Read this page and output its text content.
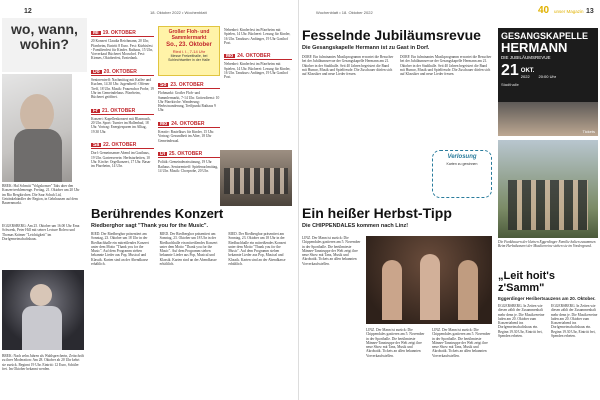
12	18. Oktober 2022 • Wochenblatt
wo, wann, wohin?

BREK: Hal Schmitt "Volgskonser" Taks uber den Konzertverklemenge. Freitag, 21. Oktober um 20 Uhr im Rio Bergkirchen. Die Saar Schuh Ltd, Getränkehändler der Region, in Gelnhausen auf dem Bauernmarkt.

EGGERSBERG: Am 25. Oktober um 16.00 Uhr Erna Schwenk, Peter Hill mit seiner Lecture Bolero und Thomas Krämer "Leichtigkeit" im Dorfgemeinschaftshaus.

BREK: Nach zehn Jahren als Wahlsprecherin, Zeitschrift zu ihrer Moderation: Am 28. Oktober ab 20 Uhr kehrt sie zurück. Beginnt 19 Uhr. Eintritt: 12 Euro, Schüler frei. Im Oktober bekannt werden.

Mi 19. OKTOBER

20 Konzert Claudia Reichmann, 20 Uhr, Pfarrheim, Eintritt 8 Euro. Fest: Kürbisfest - Familienfest für Kinder. Rathaus, 15 Uhr, Vorverkauf Bücherei Moosdorf. Fest: Kirmes, Oktoberfest, Erntedank.

Do 20. OKTOBER

Seniorentreff: Nachmittag mit Kaffee und Kuchen, 14.30 Uhr. Jugendtreff: Offener Treff, 18 Uhr. Musik: Frauenchor Probe, 19 Uhr im Gemeindehaus. Pfarrheim, Bücherei geöffnet.

Fr 21. OKTOBER

Konzert: Kapellenkonzert mit Blasmusik, 20 Uhr. Sport: Turnier im Hallenbad, 18 Uhr. Vortrag: Energiesparen im Alltag, 19.30 Uhr.

Sa 22. OKTOBER

Dorf: Gemeinsamer Abend im Gasthaus, 19 Uhr. Gartenverein: Herbstarbeiten, 10 Uhr. Kirche: Orgelkonzert, 17 Uhr. Basar im Pfarrheim, 14 Uhr.

Großer Floh- und
Sammlermarkt
So., 23. Oktober
Ried i. I., 7-14 Uhr
Messe Freizeithalle, bei Schlechtwetter in der Halle
So 23. OKTOBER

Flohmarkt: Großer Floh- und Sammlermarkt, 7-14 Uhr. Gottesdienst: 10 Uhr Pfarrkirche. Wanderung: Herbstwanderung, Treffpunkt Rathaus 9 Uhr.

Mo 24. OKTOBER

Kreativ: Bastelkurs für Kinder, 15 Uhr. Vortrag: Gesundheit im Alter, 18 Uhr Gemeindesaal.

Di 25. OKTOBER

Politik: Gemeinderatssitzung, 19 Uhr Rathaus. Seniorentreff: Spielenachmittag, 14 Uhr. Musik: Chorprobe, 20 Uhr.

Nebenbei: Kinderfest im Pfarrheim mit Spielen, 14 Uhr. Bücherei: Lesung für Kinder, 16 Uhr. Tanzkurs: Anfänger, 19 Uhr Gasthof Post.

Mo 24. OKTOBER

Nebenbei: Kinderfest im Pfarrheim mit Spielen, 14 Uhr. Bücherei: Lesung für Kinder, 16 Uhr. Tanzkurs: Anfänger, 19 Uhr Gasthof Post.

Berührendes Konzert
Riedberghor sagt "Thank you for the Music".

RIED. Der Riedberghor präsentiert am Sonntag, 23. Oktober um 18 Uhr in der Riedbachhalle ein mitreißendes Konzert unter dem Motto "Thank you for the Music". Auf dem Programm stehen bekannte Lieder aus Pop, Musical und Klassik. Karten sind an der Abendkasse erhältlich.

RIED. Der Riedberghor präsentiert am Sonntag, 23. Oktober um 18 Uhr in der Riedbachhalle ein mitreißendes Konzert unter dem Motto "Thank you for the Music". Auf dem Programm stehen bekannte Lieder aus Pop, Musical und Klassik. Karten sind an der Abendkasse erhältlich.

RIED. Der Riedberghor präsentiert am Sonntag, 23. Oktober um 18 Uhr in der Riedbachhalle ein mitreißendes Konzert unter dem Motto "Thank you for the Music". Auf dem Programm stehen bekannte Lieder aus Pop, Musical und Klassik. Karten sind an der Abendkasse erhältlich.

Wochenblatt • 18. Oktober 2022	40 unser Magazin 13
Fesselnde Jubiläumsrevue
Die Gesangskapelle Hermann ist zu Gast in Dorf.

DORF. Ein fulminantes Musikprogramm erwartet die Besucher bei der Jubiläumsrevue der Gesangskapelle Hermann am 21. Oktober in der Stadthalle. Seit 40 Jahren begeistert die Band mit Humor, Musik und Spielfreude. Die Zuschauer dürfen sich auf Klassiker und neue Lieder freuen.

DORF. Ein fulminantes Musikprogramm erwartet die Besucher bei der Jubiläumsrevue der Gesangskapelle Hermann am 21. Oktober in der Stadthalle. Seit 40 Jahren begeistert die Band mit Humor, Musik und Spielfreude. Die Zuschauer dürfen sich auf Klassiker und neue Lieder freuen.

Verlosung
Karten zu gewinnen
GESANGSKAPELLE
HERMANN
DIE JUBILÄUMSREVUE
21 OKT.
2022	20:00 Uhr
Stadthalle
Tickets
Ein heißer Herbst-Tipp
Die CHIPPENDALES kommen nach Linz!

LINZ. Der Mann ist zurück: Die Chippendales gastieren am 5. November in der Sporthalle. Die berühmteste Männer-Tanztruppe der Welt zeigt ihre neue Show mit Tanz, Musik und Akrobatik. Tickets an allen bekannten Vorverkaufsstellen.

LINZ. Der Mann ist zurück: Die Chippendales gastieren am 5. November in der Sporthalle. Die berühmteste Männer-Tanztruppe der Welt zeigt ihre neue Show mit Tanz, Musik und Akrobatik. Tickets an allen bekannten Vorverkaufsstellen.

LINZ. Der Mann ist zurück: Die Chippendales gastieren am 5. November in der Sporthalle. Die berühmteste Männer-Tanztruppe der Welt zeigt ihre neue Show mit Tanz, Musik und Akrobatik. Tickets an allen bekannten Vorverkaufsstellen.

Die Funkbauern der kleinen Eggerdinger Familie halten zusammen. Beim Herbstkonzert der Musikvereine stehen sie im Vordergrund.
„Leit hoit's z'Samm"
Eggerdinger Heribertsauzens am 20. Oktober.

EGGERSBERG. In Zeiten wie diesen zählt der Zusammenhalt mehr denn je. Die Musikvereine laden am 20. Oktober zum Konzertabend ins Dorfgemeinschaftshaus ein. Beginn 19.30 Uhr, Eintritt frei, Spenden erbeten.

EGGERSBERG. In Zeiten wie diesen zählt der Zusammenhalt mehr denn je. Die Musikvereine laden am 20. Oktober zum Konzertabend ins Dorfgemeinschaftshaus ein. Beginn 19.30 Uhr, Eintritt frei, Spenden erbeten.
